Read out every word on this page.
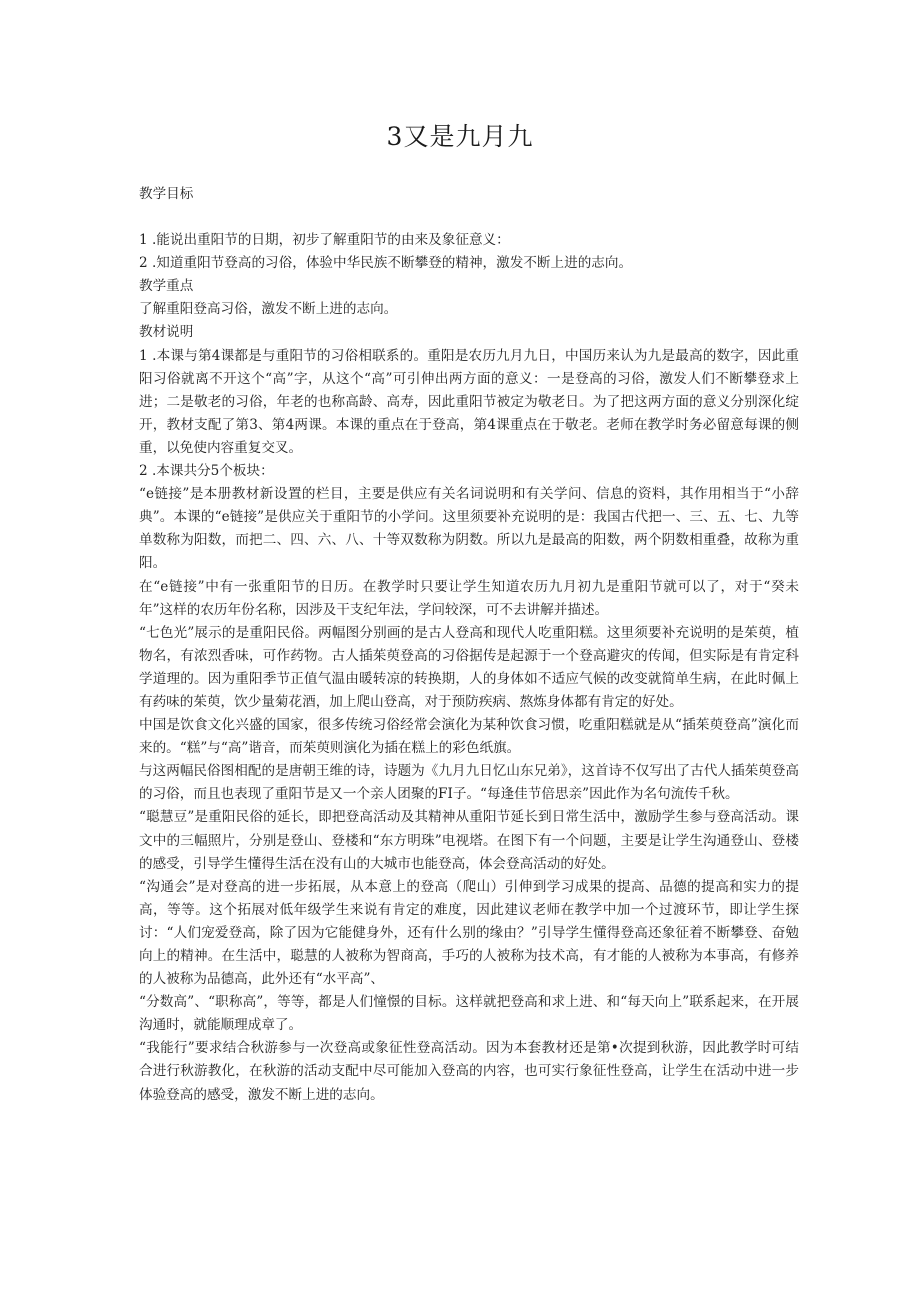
3又是九月九

教学目标

1 .能说出重阳节的日期，初步了解重阳节的由来及象征意义：

2 .知道重阳节登高的习俗，体验中华民族不断攀登的精神，激发不断上进的志向。

教学重点

了解重阳登高习俗，激发不断上进的志向。

教材说明

1 .本课与第4课都是与重阳节的习俗相联系的。重阳是农历九月九日，中国历来认为九是最高的数字，因此重阳习俗就离不开这个“高”字，从这个“高”可引伸出两方面的意义：一是登高的习俗，激发人们不断攀登求上进；二是敬老的习俗，年老的也称高龄、高寿，因此重阳节被定为敬老日。为了把这两方面的意义分别深化绽开，教材支配了第3、第4两课。本课的重点在于登高，第4课重点在于敬老。老师在教学时务必留意每课的侧重，以免使内容重复交叉。

2 .本课共分5个板块：

“e链接”是本册教材新设置的栏目，主要是供应有关名词说明和有关学问、信息的资料，其作用相当于“小辞典”。本课的“e链接”是供应关于重阳节的小学问。这里须要补充说明的是：我国古代把一、三、五、七、九等单数称为阳数，而把二、四、六、八、十等双数称为阴数。所以九是最高的阳数，两个阴数相重叠，故称为重阳。

在“e链接”中有一张重阳节的日历。在教学时只要让学生知道农历九月初九是重阳节就可以了，对于“癸未年”这样的农历年份名称，因涉及干支纪年法，学问较深，可不去讲解并描述。

“七色光”展示的是重阳民俗。两幅图分别画的是古人登高和现代人吃重阳糕。这里须要补充说明的是茱萸，植物名，有浓烈香味，可作药物。古人插茱萸登高的习俗据传是起源于一个登高避灾的传闻，但实际是有肯定科学道理的。因为重阳季节正值气温由暖转凉的转换期，人的身体如不适应气候的改变就简单生病，在此时佩上有药味的茱萸，饮少量菊花酒，加上爬山登高，对于预防疾病、熬炼身体都有肯定的好处。

中国是饮食文化兴盛的国家，很多传统习俗经常会演化为某种饮食习惯，吃重阳糕就是从“插茱萸登高”演化而来的。“糕”与“高”谐音，而茱萸则演化为插在糕上的彩色纸旗。

与这两幅民俗图相配的是唐朝王维的诗，诗题为《九月九日忆山东兄弟》，这首诗不仅写出了古代人插茱萸登高的习俗，而且也表现了重阳节是又一个亲人团聚的FI子。“每逢佳节倍思亲”因此作为名句流传千秋。

“聪慧豆”是重阳民俗的延长，即把登高活动及其精神从重阳节延长到日常生活中，激励学生参与登高活动。课文中的三幅照片，分别是登山、登楼和“东方明珠”电视塔。在图下有一个问题，主要是让学生沟通登山、登楼的感受，引导学生懂得生活在没有山的大城市也能登高，体会登高活动的好处。

“沟通会”是对登高的进一步拓展，从本意上的登高（爬山）引伸到学习成果的提高、品德的提高和实力的提高，等等。这个拓展对低年级学生来说有肯定的难度，因此建议老师在教学中加一个过渡环节，即让学生探讨：“人们宠爱登高，除了因为它能健身外，还有什么别的缘由？”引导学生懂得登高还象征着不断攀登、奋勉向上的精神。在生活中，聪慧的人被称为智商高，手巧的人被称为技术高，有才能的人被称为本事高，有修养的人被称为品德高，此外还有“水平高”、

“分数高”、“职称高”，等等，都是人们憧憬的目标。这样就把登高和求上进、和“每天向上”联系起来，在开展沟通时，就能顺理成章了。

“我能行”要求结合秋游参与一次登高或象征性登高活动。因为本套教材还是第•次提到秋游，因此教学时可结合进行秋游教化，在秋游的活动支配中尽可能加入登高的内容，也可实行象征性登高，让学生在活动中进一步体验登高的感受，激发不断上进的志向。
